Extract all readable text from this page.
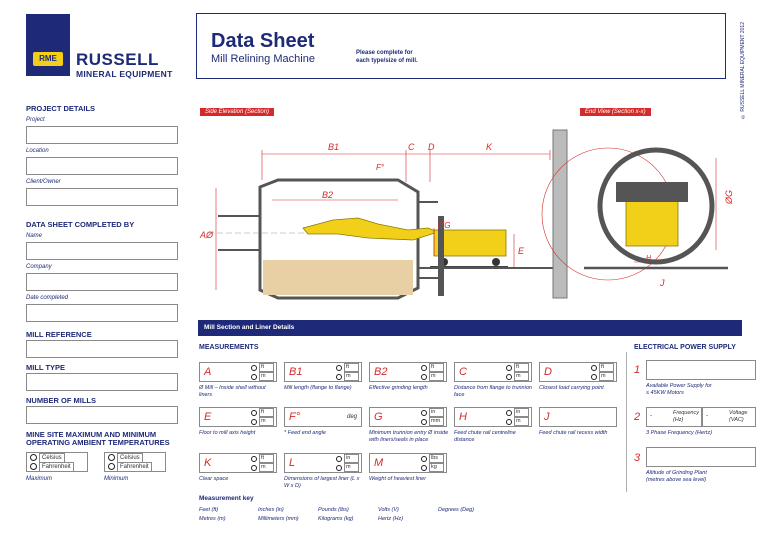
RME	RUSSELL
MINERAL EQUIPMENT
Data Sheet
Mill Relining Machine	Please complete for
each type/size of mill.	© RUSSELL MINERAL EQUIPMENT 2012
PROJECT DETAILS
Project
Location
Client/Owner
DATA SHEET COMPLETED BY
Name
Company
Date completed
MILL REFERENCE
MILL TYPE
NUMBER OF MILLS
MINE SITE MAXIMUM AND MINIMUM
OPERATING AMBIENT TEMPERATURES
Celsius
Fahrenheit
Celsius
Fahrenheit
Maximum	Minimum
Side Elevation (Section)	End View (Section x-x)
B1	C D	K
F°
B2
AØ
ØG
E
ØG
H
J
Mill Section and Liner Details
MEASUREMENTS
A	ft
m
Ø Mill – Inside shell without liners
B1	ft
m
Mill length (flange to flange)
B2	ft
m
Effective grinding length
C	ft
m
Distance from flange to trunnion face
D	ft
m
Closest load carrying point
E	ft
m
Floor to mill axis height
F°	deg
* Feed end angle
G	in
mm
Minimum trunnion entry Ø inside with liners/seals in place
H	in
m
Feed chute rail centreline distance
J
Feed chute rail recess width
K	ft
m
Clear space
L	in
m
Dimensions of largest liner (L x W x D)
M	lbs
kg
Weight of heaviest liner
Measurement key
Feet (ft)	Inches (in)	Pounds (lbs)	Volts (V)	Degrees (Deg)
Metres (m)	Millimeters (mm)	Kilograms (kg)	Hertz (Hz)
ELECTRICAL POWER SUPPLY
1
Available Power Supply for
≤ 45KW Motors
2 -	Frequency (Hz)
-	Voltage (VAC)
3 Phase Frequency (Hertz)
3
Altitude of Grinding Plant
(metres above sea level)
